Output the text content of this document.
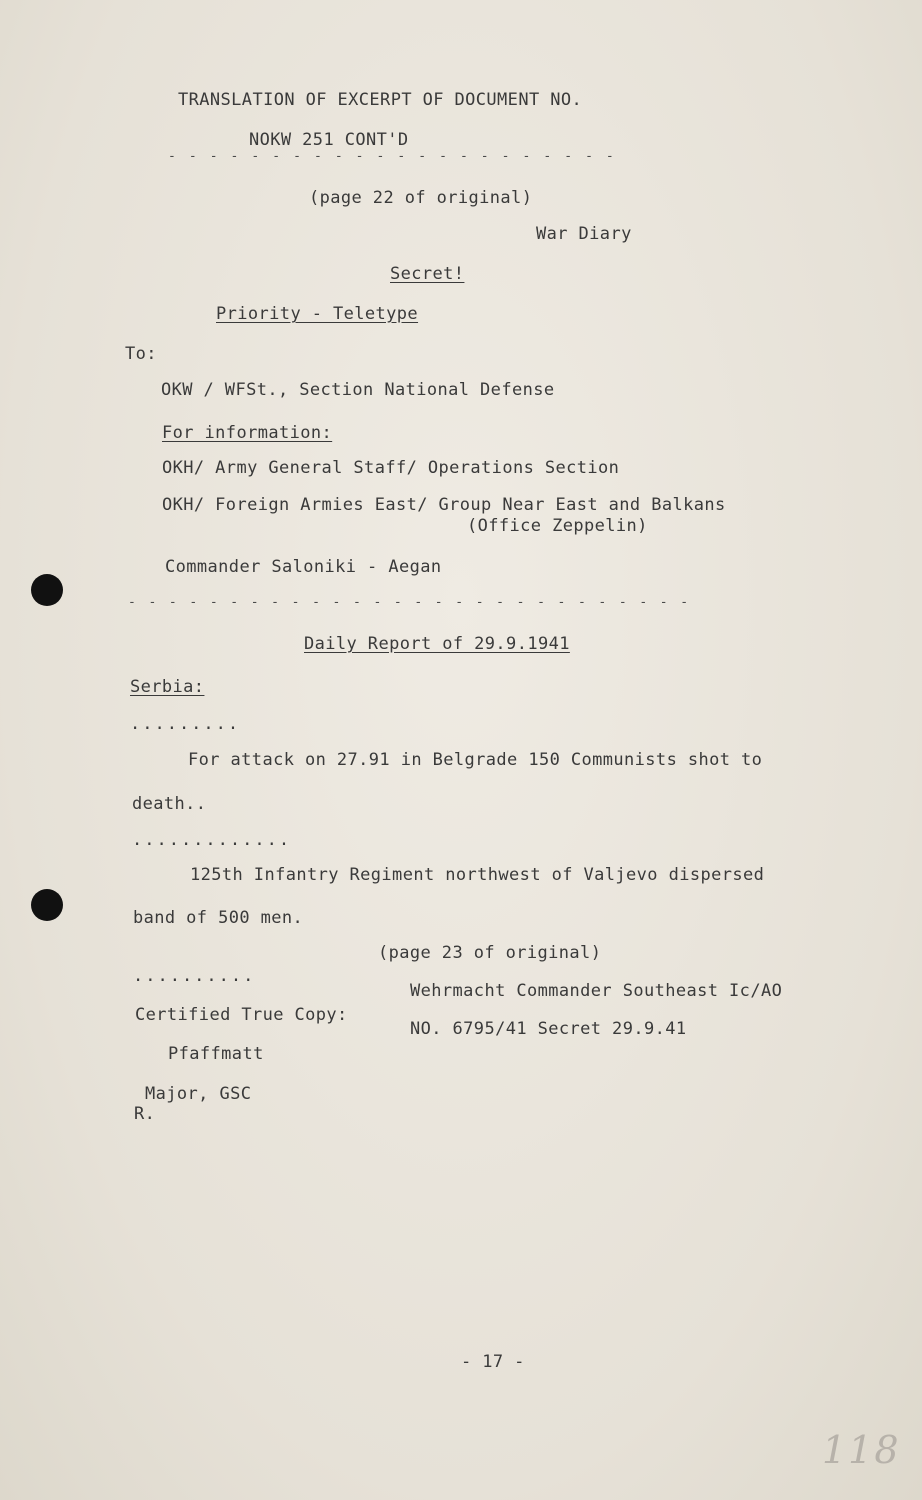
TRANSLATION OF EXCERPT OF DOCUMENT NO.
NOKW 251 CONT'D
- - - - - - - - - - - - - - - - - - - - - -
(page 22 of original)
War Diary
Secret!
Priority - Teletype
To:
OKW / WFSt., Section National Defense
For information:
OKH/ Army General Staff/ Operations Section
OKH/ Foreign Armies East/ Group Near East and Balkans
(Office Zeppelin)
Commander Saloniki - Aegan
- - - - - - - - - - - - - - - - - - - - - - - - - - - -
Daily Report of 29.9.1941
Serbia:
.........
For attack on 27.91 in Belgrade 150 Communists shot to
death..
.............
125th Infantry Regiment northwest of Valjevo dispersed
band of 500 men.
(page 23 of original)
..........
Wehrmacht Commander Southeast Ic/AO
NO. 6795/41 Secret 29.9.41
Certified True Copy:
Pfaffmatt
Major, GSC
R.
- 17 -
118
